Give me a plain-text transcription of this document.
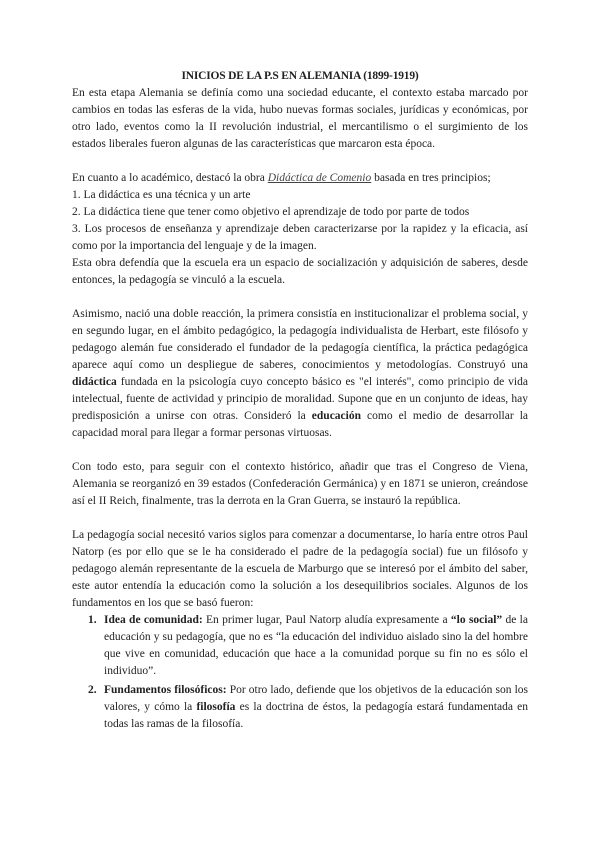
INICIOS DE LA P.S EN ALEMANIA (1899-1919)

En esta etapa Alemania se definía como una sociedad educante, el contexto estaba marcado por cambios en todas las esferas de la vida, hubo nuevas formas sociales, jurídicas y económicas, por otro lado, eventos como la II revolución industrial, el mercantilismo o el surgimiento de los estados liberales fueron algunas de las características que marcaron esta época.

En cuanto a lo académico, destacó la obra Didáctica de Comenio basada en tres principios;

1. La didáctica es una técnica y un arte

2. La didáctica tiene que tener como objetivo el aprendizaje de todo por parte de todos

3. Los procesos de enseñanza y aprendizaje deben caracterizarse por la rapidez y la eficacia, así como por la importancia del lenguaje y de la imagen.

Esta obra defendía que la escuela era un espacio de socialización y adquisición de saberes, desde entonces, la pedagogía se vinculó a la escuela.

Asimismo, nació una doble reacción, la primera consistía en institucionalizar el problema social, y en segundo lugar, en el ámbito pedagógico, la pedagogía individualista de Herbart, este filósofo y pedagogo alemán fue considerado el fundador de la pedagogía científica, la práctica pedagógica aparece aquí como un despliegue de saberes, conocimientos y metodologías. Construyó una didáctica fundada en la psicología cuyo concepto básico es "el interés", como principio de vida intelectual, fuente de actividad y principio de moralidad. Supone que en un conjunto de ideas, hay predisposición a unirse con otras. Consideró la educación como el medio de desarrollar la capacidad moral para llegar a formar personas virtuosas.

Con todo esto, para seguir con el contexto histórico, añadir que tras el Congreso de Viena, Alemania se reorganizó en 39 estados (Confederación Germánica) y en 1871 se unieron, creándose así el II Reich, finalmente, tras la derrota en la Gran Guerra, se instauró la república.

La pedagogía social necesitó varios siglos para comenzar a documentarse, lo haría entre otros Paul Natorp (es por ello que se le ha considerado el padre de la pedagogía social) fue un filósofo y pedagogo alemán representante de la escuela de Marburgo que se interesó por el ámbito del saber, este autor entendía la educación como la solución a los desequilibrios sociales. Algunos de los fundamentos en los que se basó fueron:

1. Idea de comunidad: En primer lugar, Paul Natorp aludía expresamente a “lo social” de la educación y su pedagogía, que no es “la educación del individuo aislado sino la del hombre que vive en comunidad, educación que hace a la comunidad porque su fin no es sólo el individuo”.
2. Fundamentos filosóficos: Por otro lado, defiende que los objetivos de la educación son los valores, y cómo la filosofía es la doctrina de éstos, la pedagogía estará fundamentada en todas las ramas de la filosofía.
